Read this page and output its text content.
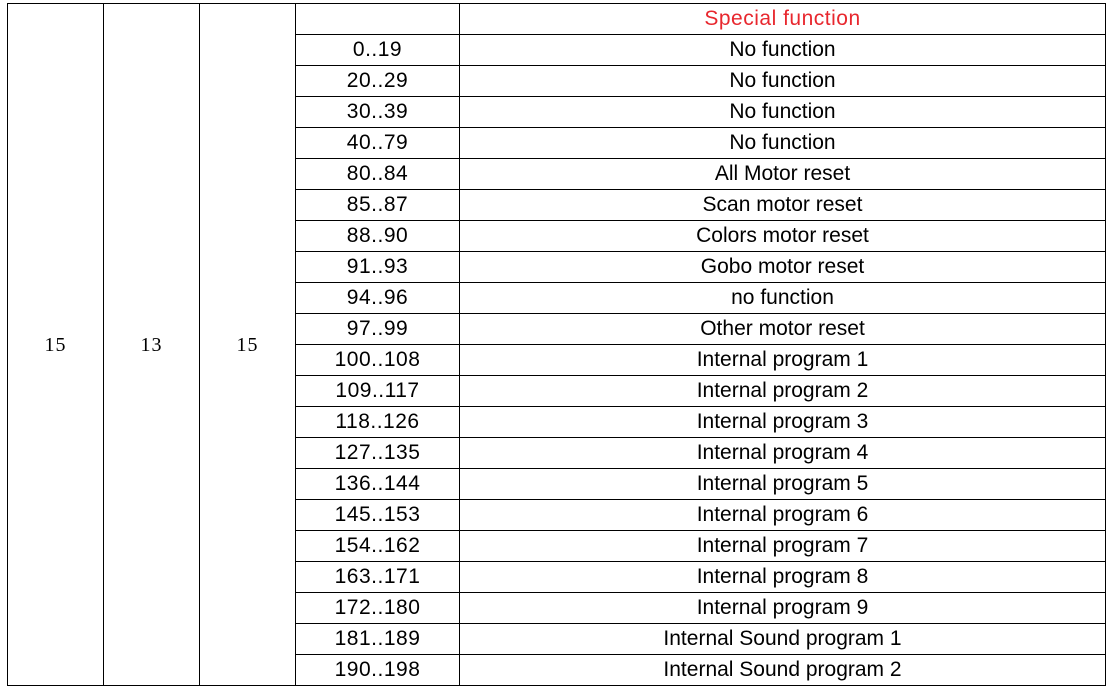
15	13	15		Special function
			0..19	No function
			20..29	No function
			30..39	No function
			40..79	No function
			80..84	All Motor reset
			85..87	Scan motor reset
			88..90	Colors motor reset
			91..93	Gobo motor reset
			94..96	no function
			97..99	Other motor reset
			100..108	Internal program 1
			109..117	Internal program 2
			118..126	Internal program 3
			127..135	Internal program 4
			136..144	Internal program 5
			145..153	Internal program 6
			154..162	Internal program 7
			163..171	Internal program 8
			172..180	Internal program 9
			181..189	Internal Sound program 1
			190..198	Internal Sound program 2
